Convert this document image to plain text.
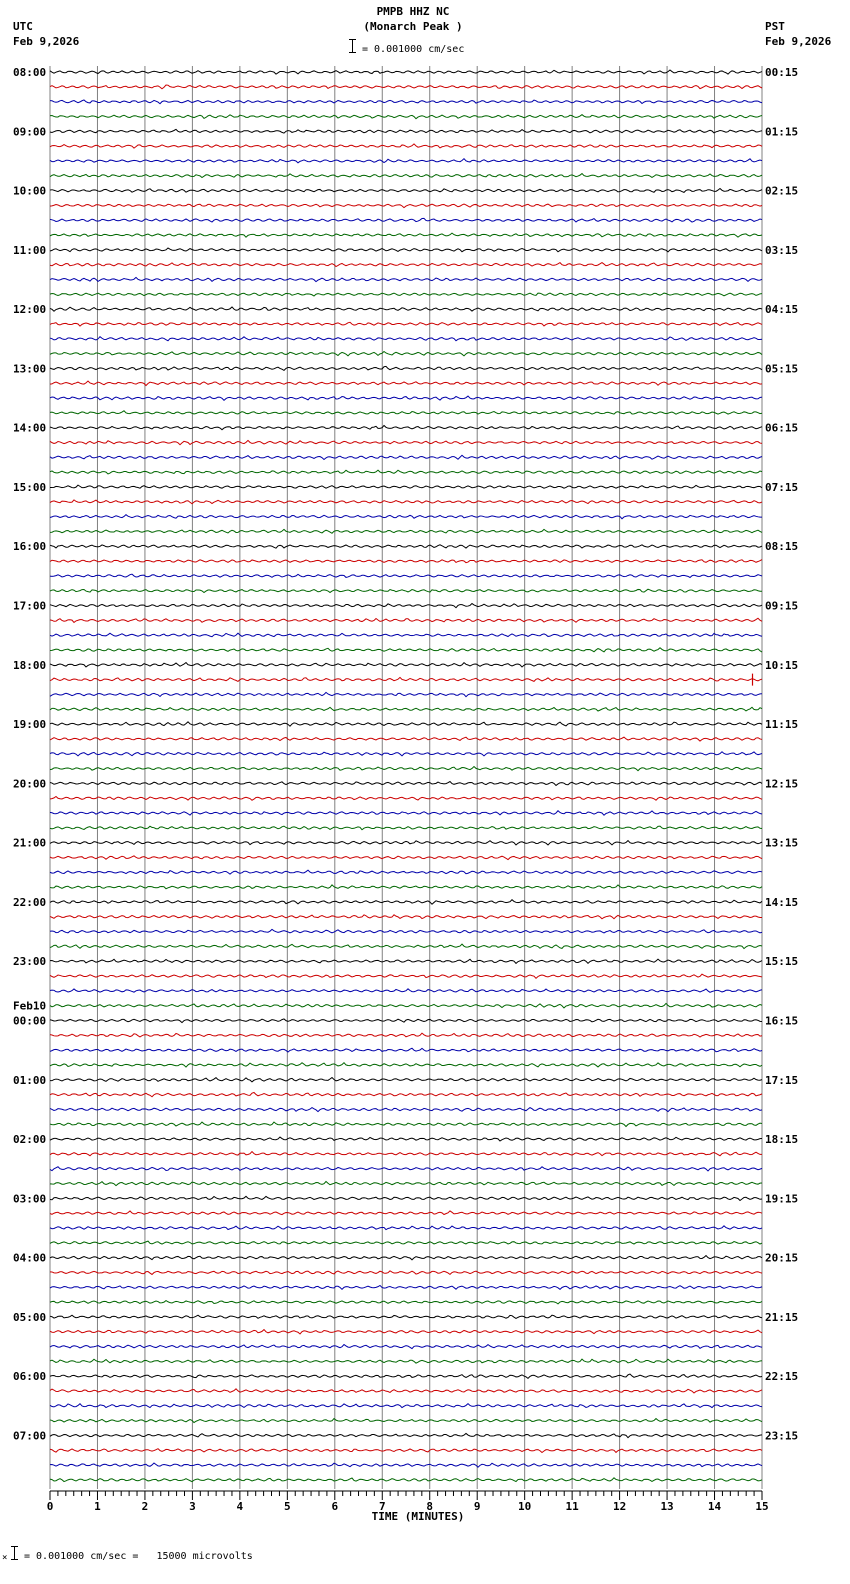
0	1	2	3	4	5	6	7	8	9	10	11	12	13	14	15
08:00
09:00
10:00
11:00
12:00
13:00
14:00
15:00
16:00
17:00
18:00
19:00
20:00
21:00
22:00
23:00
00:00
01:00
02:00
03:00
04:00
05:00
06:00
07:00
Feb10
00:15
01:15
02:15
03:15
04:15
05:15
06:15
07:15
08:15
09:15
10:15
11:15
12:15
13:15
14:15
15:15
16:15
17:15
18:15
19:15
20:15
21:15
22:15
23:15
PMPB HHZ NC
(Monarch Peak )
= 0.001000 cm/sec
UTC
Feb 9,2026
PST
Feb 9,2026
TIME (MINUTES)
× = 0.001000 cm/sec =   15000 microvolts
